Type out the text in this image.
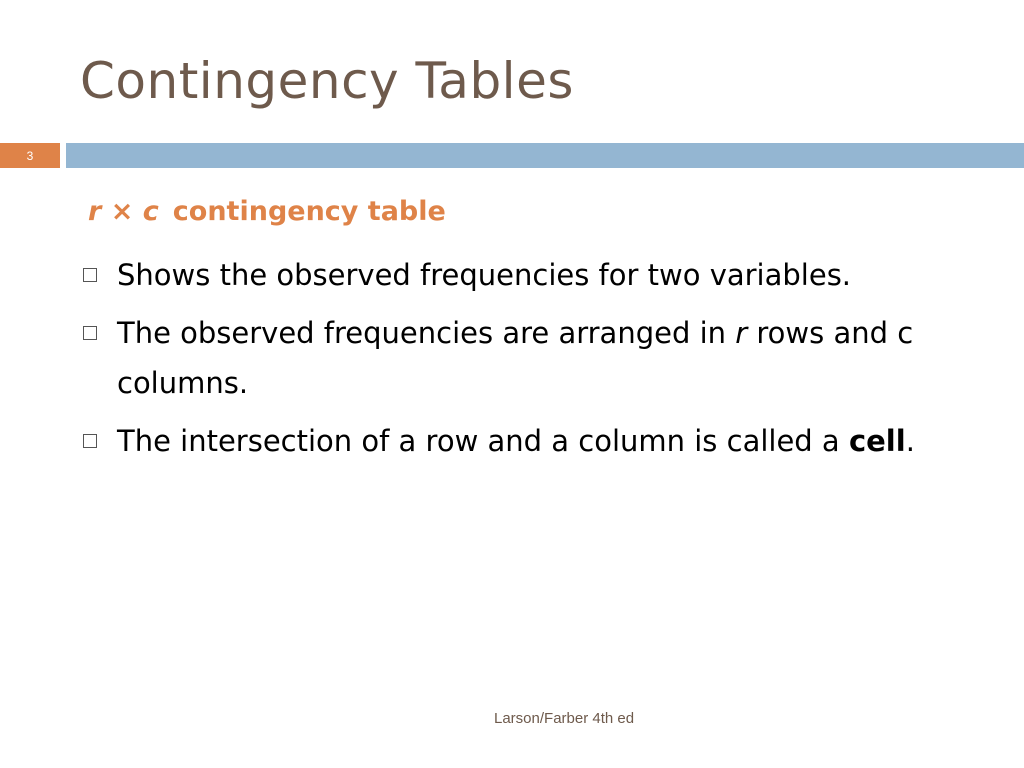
Contingency Tables
3
r × c contingency table
Shows the observed frequencies for two variables.
The observed frequencies are arranged in r rows and c columns.
The intersection of a row and a column is called a cell.
Larson/Farber 4th ed
